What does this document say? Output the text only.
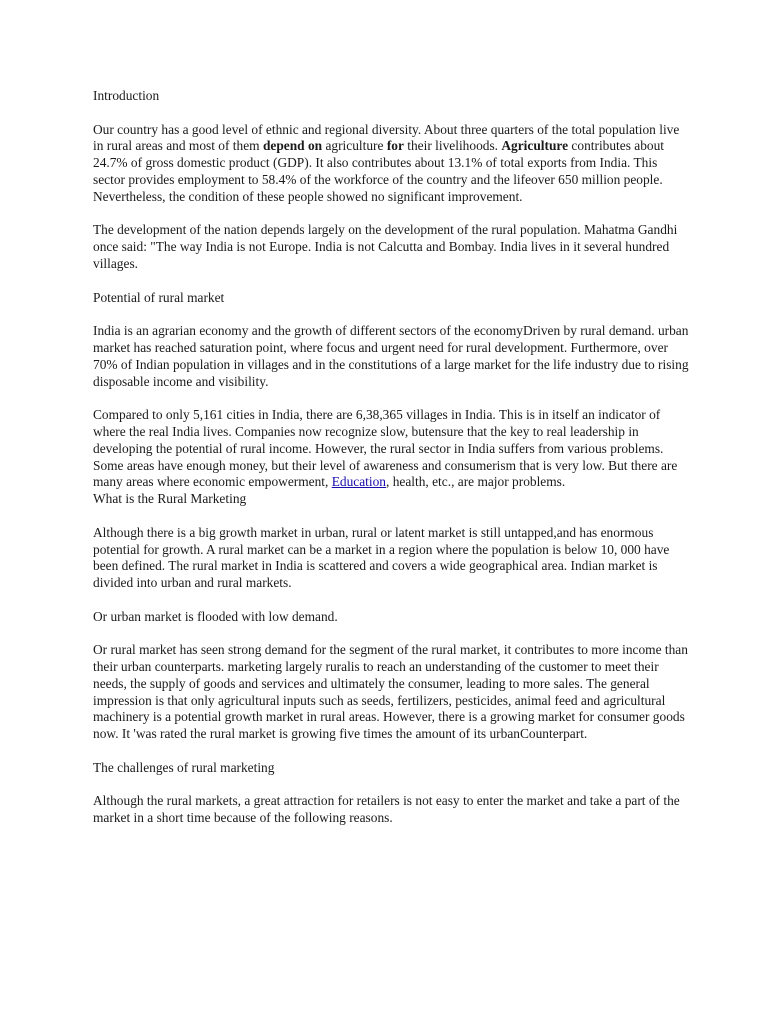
Introduction

Our country has a good level of ethnic and regional diversity. About three quarters of the total population live in rural areas and most of them depend on agriculture for their livelihoods. Agriculture contributes about 24.7% of gross domestic product (GDP). It also contributes about 13.1% of total exports from India. This sector provides employment to 58.4% of the workforce of the country and the lifeover 650 million people. Nevertheless, the condition of these people showed no significant improvement.

The development of the nation depends largely on the development of the rural population. Mahatma Gandhi once said: "The way India is not Europe. India is not Calcutta and Bombay. India lives in it several hundred villages.

Potential of rural market

India is an agrarian economy and the growth of different sectors of the economyDriven by rural demand. urban market has reached saturation point, where focus and urgent need for rural development. Furthermore, over 70% of Indian population in villages and in the constitutions of a large market for the life industry due to rising disposable income and visibility.

Compared to only 5,161 cities in India, there are 6,38,365 villages in India. This is in itself an indicator of where the real India lives. Companies now recognize slow, butensure that the key to real leadership in developing the potential of rural income. However, the rural sector in India suffers from various problems. Some areas have enough money, but their level of awareness and consumerism that is very low. But there are many areas where economic empowerment, Education, health, etc., are major problems.

What is the Rural Marketing

Although there is a big growth market in urban, rural or latent market is still untapped,and has enormous potential for growth. A rural market can be a market in a region where the population is below 10, 000 have been defined. The rural market in India is scattered and covers a wide geographical area. Indian market is divided into urban and rural markets.

Or urban market is flooded with low demand.

Or rural market has seen strong demand for the segment of the rural market, it contributes to more income than their urban counterparts. marketing largely ruralis to reach an understanding of the customer to meet their needs, the supply of goods and services and ultimately the consumer, leading to more sales. The general impression is that only agricultural inputs such as seeds, fertilizers, pesticides, animal feed and agricultural machinery is a potential growth market in rural areas. However, there is a growing market for consumer goods now. It 'was rated the rural market is growing five times the amount of its urbanCounterpart.

The challenges of rural marketing

Although the rural markets, a great attraction for retailers is not easy to enter the market and take a part of the market in a short time because of the following reasons.
